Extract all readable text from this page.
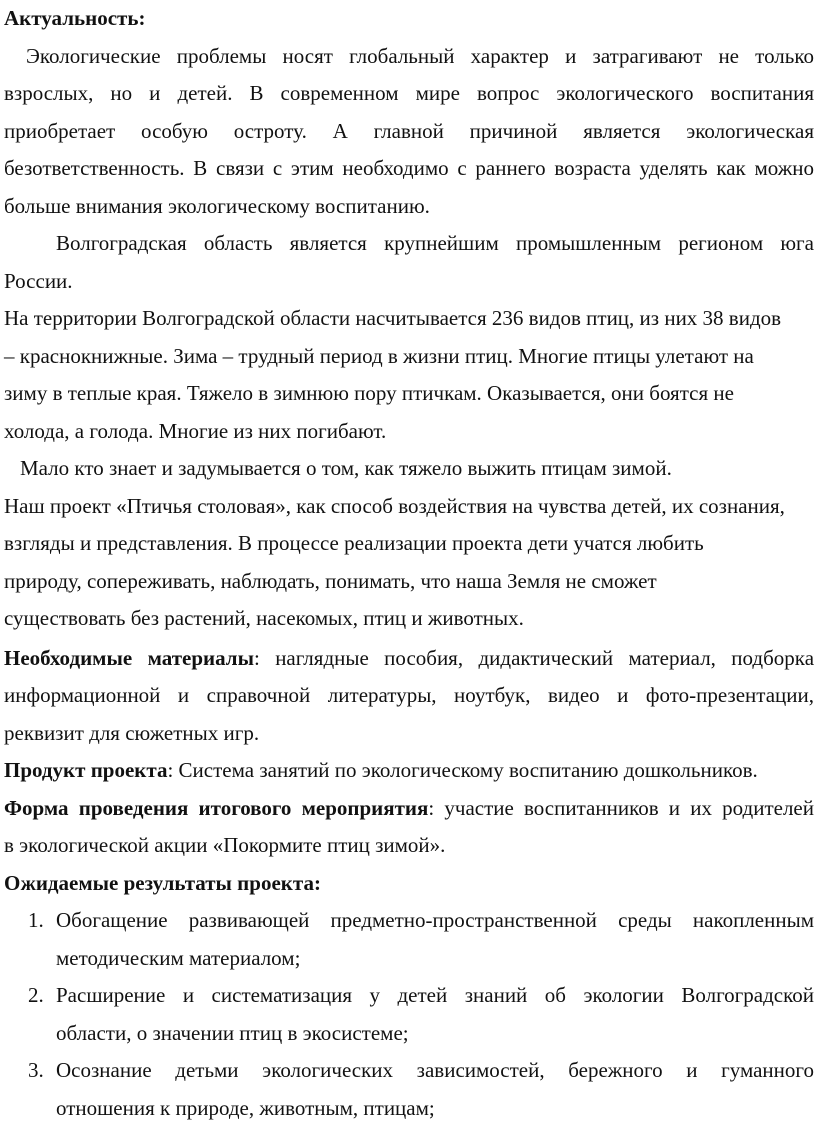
Актуальность:
Экологические проблемы носят глобальный характер и затрагивают не только
взрослых, но и детей. В современном мире вопрос экологического воспитания
приобретает особую остроту. А главной причиной является экологическая
безответственность. В связи с этим необходимо с раннего возраста уделять как можно
больше внимания экологическому воспитанию.
Волгоградская область является крупнейшим промышленным регионом юга
России.
На территории Волгоградской области насчитывается 236 видов птиц, из них 38 видов
– краснокнижные. Зима – трудный период в жизни птиц. Многие птицы улетают на
зиму в теплые края. Тяжело в зимнюю пору птичкам. Оказывается, они боятся не
холода, а голода. Многие из них погибают.
Мало кто знает и задумывается о том, как тяжело выжить птицам зимой.
Наш проект «Птичья столовая», как способ воздействия на чувства детей, их сознания,
взгляды и представления. В процессе реализации проекта дети учатся любить
природу, сопереживать, наблюдать, понимать, что наша Земля не сможет
существовать без растений, насекомых, птиц и животных.
Необходимые материалы: наглядные пособия, дидактический материал, подборка
информационной и справочной литературы, ноутбук, видео и фото-презентации,
реквизит для сюжетных игр.
Продукт проекта: Система занятий по экологическому воспитанию дошкольников.
Форма проведения итогового мероприятия: участие воспитанников и их родителей
в экологической акции «Покормите птиц зимой».
Ожидаемые результаты проекта:
1. Обогащение развивающей предметно-пространственной среды накопленным
методическим материалом;
2. Расширение и систематизация у детей знаний об экологии Волгоградской
области, о значении птиц в экосистеме;
3. Осознание детьми экологических зависимостей, бережного и гуманного
отношения к природе, животным, птицам;
